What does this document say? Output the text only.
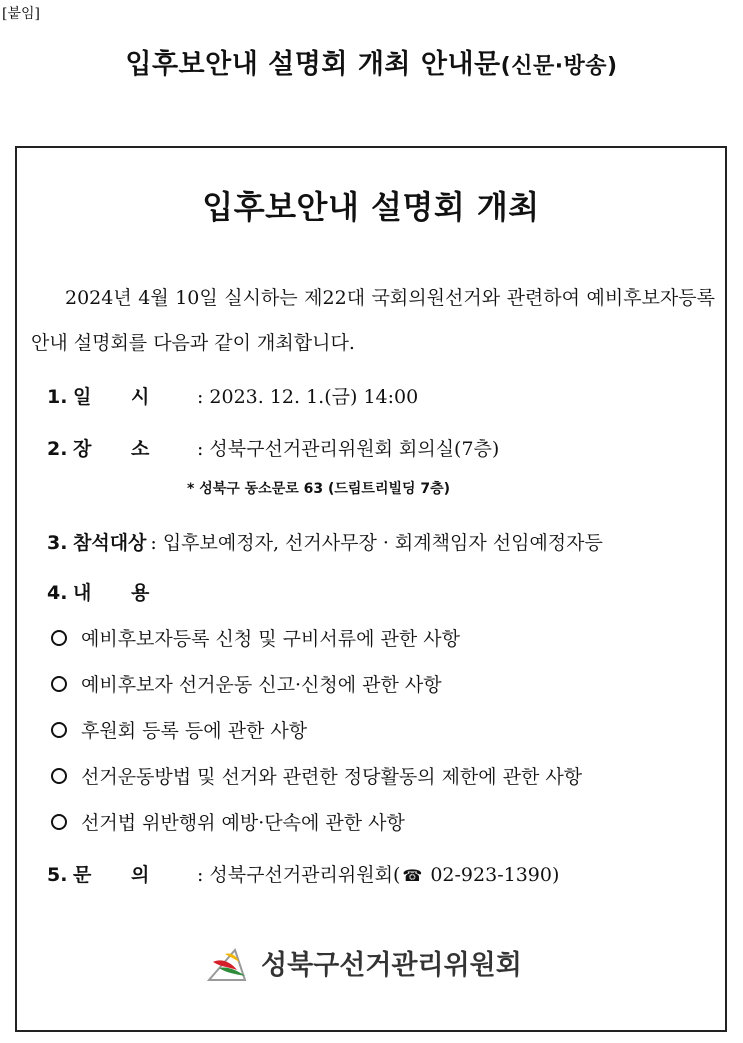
[붙임]
입후보안내 설명회 개최 안내문(신문·방송)
입후보안내 설명회 개최
2024년 4월 10일 실시하는 제22대 국회의원선거와 관련하여 예비후보자등록 안내 설명회를 다음과 같이 개최합니다.
1. 일      시	: 2023. 12. 1.(금) 14:00
2. 장      소	: 성북구선거관리위원회 회의실(7층)
* 성북구 동소문로 63 (드림트리빌딩 7층)
3. 참석대상 : 입후보예정자, 선거사무장 · 회계책임자 선임예정자등
4. 내      용
예비후보자등록 신청 및 구비서류에 관한 사항
예비후보자 선거운동 신고·신청에 관한 사항
후원회 등록 등에 관한 사항
선거운동방법 및 선거와 관련한 정당활동의 제한에 관한 사항
선거법 위반행위 예방·단속에 관한 사항
5. 문      의	: 성북구선거관리위원회( ☎ 02-923-1390)
성북구선거관리위원회
